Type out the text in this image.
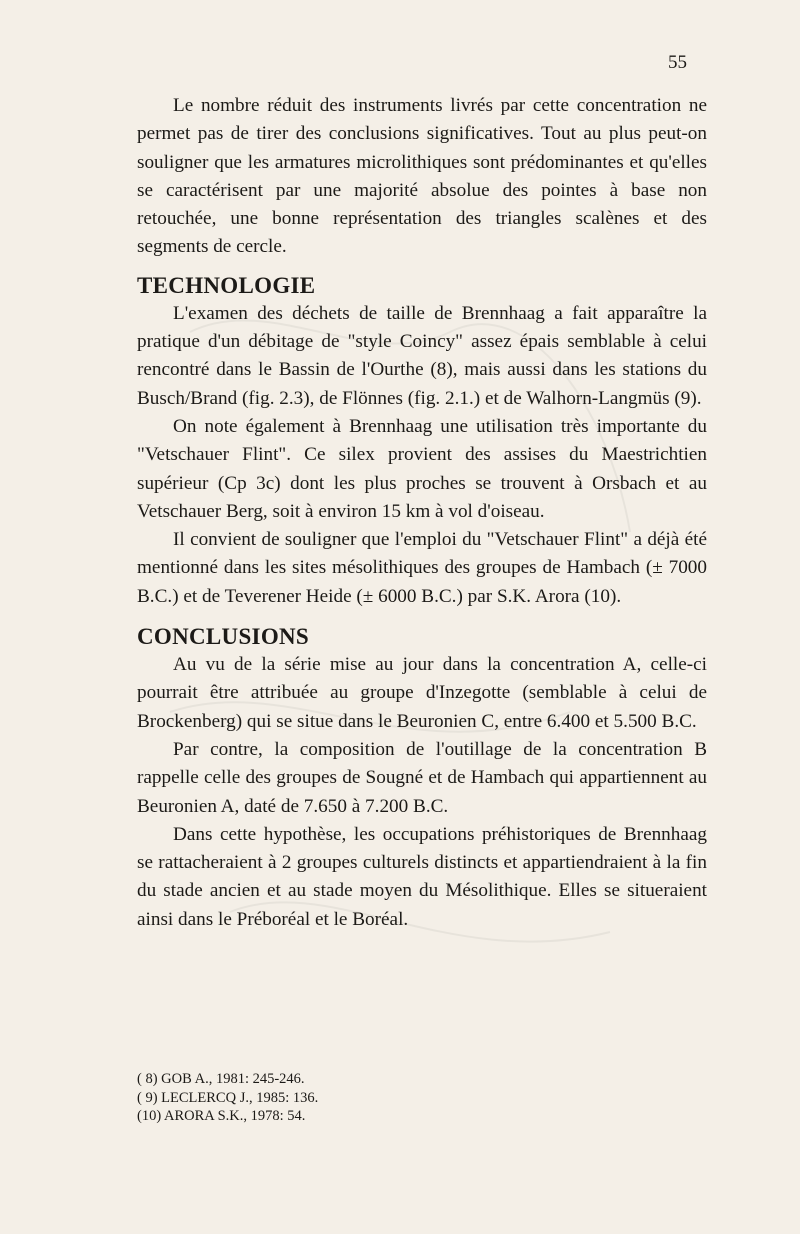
55

Le nombre réduit des instruments livrés par cette concentration ne permet pas de tirer des conclusions significatives. Tout au plus peut-on souligner que les armatures microlithiques sont prédominantes et qu'elles se caractérisent par une majorité absolue des pointes à base non retouchée, une bonne représentation des triangles scalènes et des segments de cercle.

TECHNOLOGIE

L'examen des déchets de taille de Brennhaag a fait apparaître la pratique d'un débitage de "style Coincy" assez épais semblable à celui rencontré dans le Bassin de l'Ourthe (8), mais aussi dans les stations du Busch/Brand (fig. 2.3), de Flönnes (fig. 2.1.) et de Walhorn-Langmüs (9).

On note également à Brennhaag une utilisation très importante du "Vetschauer Flint". Ce silex provient des assises du Maestrichtien supérieur (Cp 3c) dont les plus proches se trouvent à Orsbach et au Vetschauer Berg, soit à environ 15 km à vol d'oiseau.

Il convient de souligner que l'emploi du "Vetschauer Flint" a déjà été mentionné dans les sites mésolithiques des groupes de Hambach (± 7000 B.C.) et de Teverener Heide (± 6000 B.C.) par S.K. Arora (10).

CONCLUSIONS

Au vu de la série mise au jour dans la concentration A, celle-ci pourrait être attribuée au groupe d'Inzegotte (semblable à celui de Brockenberg) qui se situe dans le Beuronien C, entre 6.400 et 5.500 B.C.

Par contre, la composition de l'outillage de la concentration B rappelle celle des groupes de Sougné et de Hambach qui appartiennent au Beuronien A, daté de 7.650 à 7.200 B.C.

Dans cette hypothèse, les occupations préhistoriques de Brennhaag se rattacheraient à 2 groupes culturels distincts et appartiendraient à la fin du stade ancien et au stade moyen du Mésolithique. Elles se situeraient ainsi dans le Préboréal et le Boréal.

( 8) GOB A., 1981: 245-246.
( 9) LECLERCQ J., 1985: 136.
(10) ARORA S.K., 1978: 54.
